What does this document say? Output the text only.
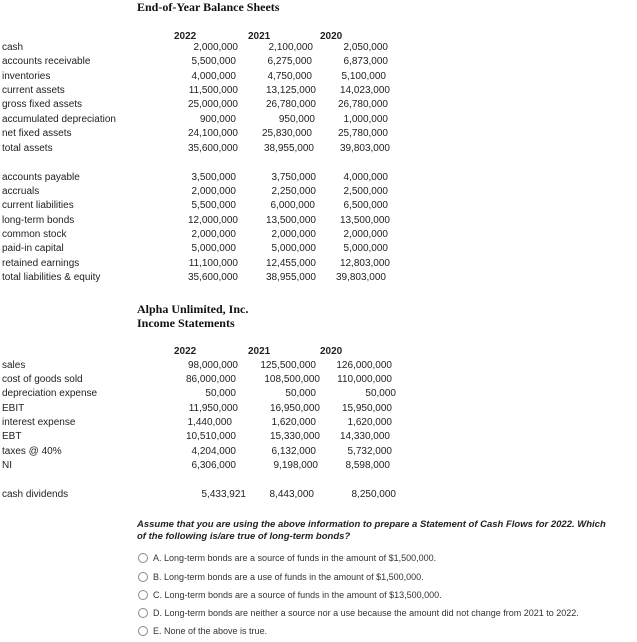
End-of-Year Balance Sheets
2022	2021	2020
cash	2,000,000	2,100,000	2,050,000
accounts receivable	5,500,000	6,275,000	6,873,000
inventories	4,000,000	4,750,000	5,100,000
current assets	11,500,000	13,125,000 14,023,000
gross fixed assets	25,000,000	26,780,000 26,780,000
accumulated depreciation	900,000	950,000	1,000,000
net fixed assets	24,100,000 25,830,000	25,780,000
total assets	35,600,000	38,955,000	39,803,000
accounts payable	3,500,000	3,750,000	4,000,000
accruals	2,000,000	2,250,000	2,500,000
current liabilities	5,500,000	6,000,000	6,500,000
long-term bonds	12,000,000	13,500,000 13,500,000
common stock	2,000,000	2,000,000	2,000,000
paid-in capital	5,000,000	5,000,000	5,000,000
retained earnings	11,100,000	12,455,000 12,803,000
total liabilities & equity	35,600,000	38,955,000 39,803,000
Alpha Unlimited, Inc.
Income Statements
2022	2021	2020
sales	98,000,000 125,500,000 126,000,000
cost of goods sold	86,000,000	108,500,000 110,000,000
depreciation expense	50,000	50,000	50,000
EBIT	11,950,000	16,950,000 15,950,000
interest expense	1,440,000	1,620,000	1,620,000
EBT	10,510,000	15,330,000 14,330,000
taxes @ 40%	4,204,000	6,132,000	5,732,000
NI	6,306,000	9,198,000	8,598,000
cash dividends	5,433,921 8,443,000	8,250,000
Assume that you are using the above information to prepare a Statement of Cash Flows for 2022. Which of the following is/are true of long-term bonds?
A. Long-term bonds are a source of funds in the amount of $1,500,000.
B. Long-term bonds are a use of funds in the amount of $1,500,000.
C. Long-term bonds are a source of funds in the amount of $13,500,000.
D. Long-term bonds are neither a source nor a use because the amount did not change from 2021 to 2022.
E. None of the above is true.
